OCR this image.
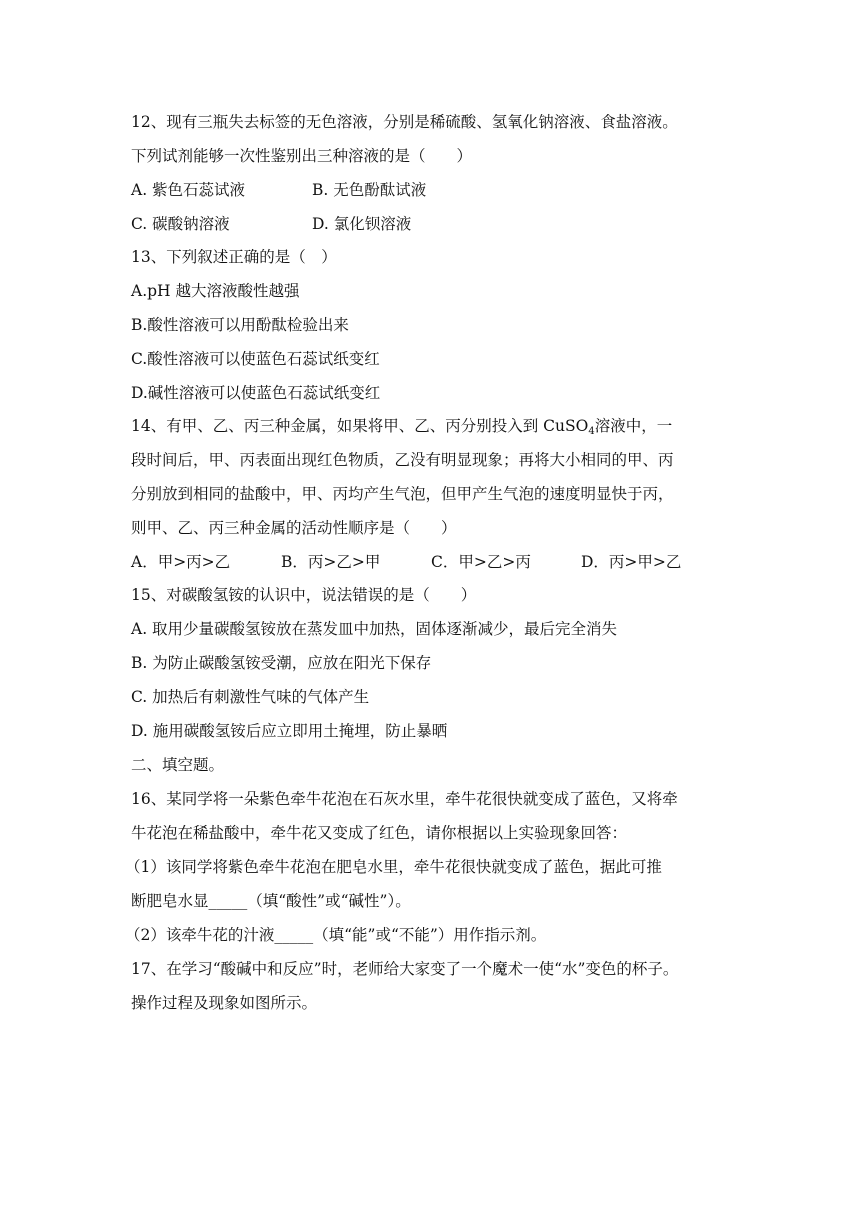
12、现有三瓶失去标签的无色溶液，分别是稀硫酸、氢氧化钠溶液、食盐溶液。
下列试剂能够一次性鉴别出三种溶液的是（　　）
A. 紫色石蕊试液	B. 无色酚酞试液
C. 碳酸钠溶液	D. 氯化钡溶液
13、下列叙述正确的是（　）
A.pH 越大溶液酸性越强
B.酸性溶液可以用酚酞检验出来
C.酸性溶液可以使蓝色石蕊试纸变红
D.碱性溶液可以使蓝色石蕊试纸变红
14、有甲、乙、丙三种金属，如果将甲、乙、丙分别投入到 CuSO$_4$溶液中，一
段时间后，甲、丙表面出现红色物质，乙没有明显现象；再将大小相同的甲、丙
分别放到相同的盐酸中，甲、丙均产生气泡，但甲产生气泡的速度明显快于丙，
则甲、乙、丙三种金属的活动性顺序是（　　）
A．甲>丙>乙	B．丙>乙>甲	C．甲>乙>丙	D．丙>甲>乙
15、对碳酸氢铵的认识中，说法错误的是（　　）
A. 取用少量碳酸氢铵放在蒸发皿中加热，固体逐渐减少，最后完全消失
B. 为防止碳酸氢铵受潮，应放在阳光下保存
C. 加热后有刺激性气味的气体产生
D. 施用碳酸氢铵后应立即用土掩埋，防止暴晒
二、填空题。
16、某同学将一朵紫色牵牛花泡在石灰水里，牵牛花很快就变成了蓝色，又将牵
牛花泡在稀盐酸中，牵牛花又变成了红色，请你根据以上实验现象回答：
（1）该同学将紫色牵牛花泡在肥皂水里，牵牛花很快就变成了蓝色，据此可推
断肥皂水显_____（填“酸性”或“碱性”）。
（2）该牵牛花的汁液_____（填“能”或“不能”）用作指示剂。
17、在学习“酸碱中和反应”时，老师给大家变了一个魔术一使“水”变色的杯子。
操作过程及现象如图所示。
